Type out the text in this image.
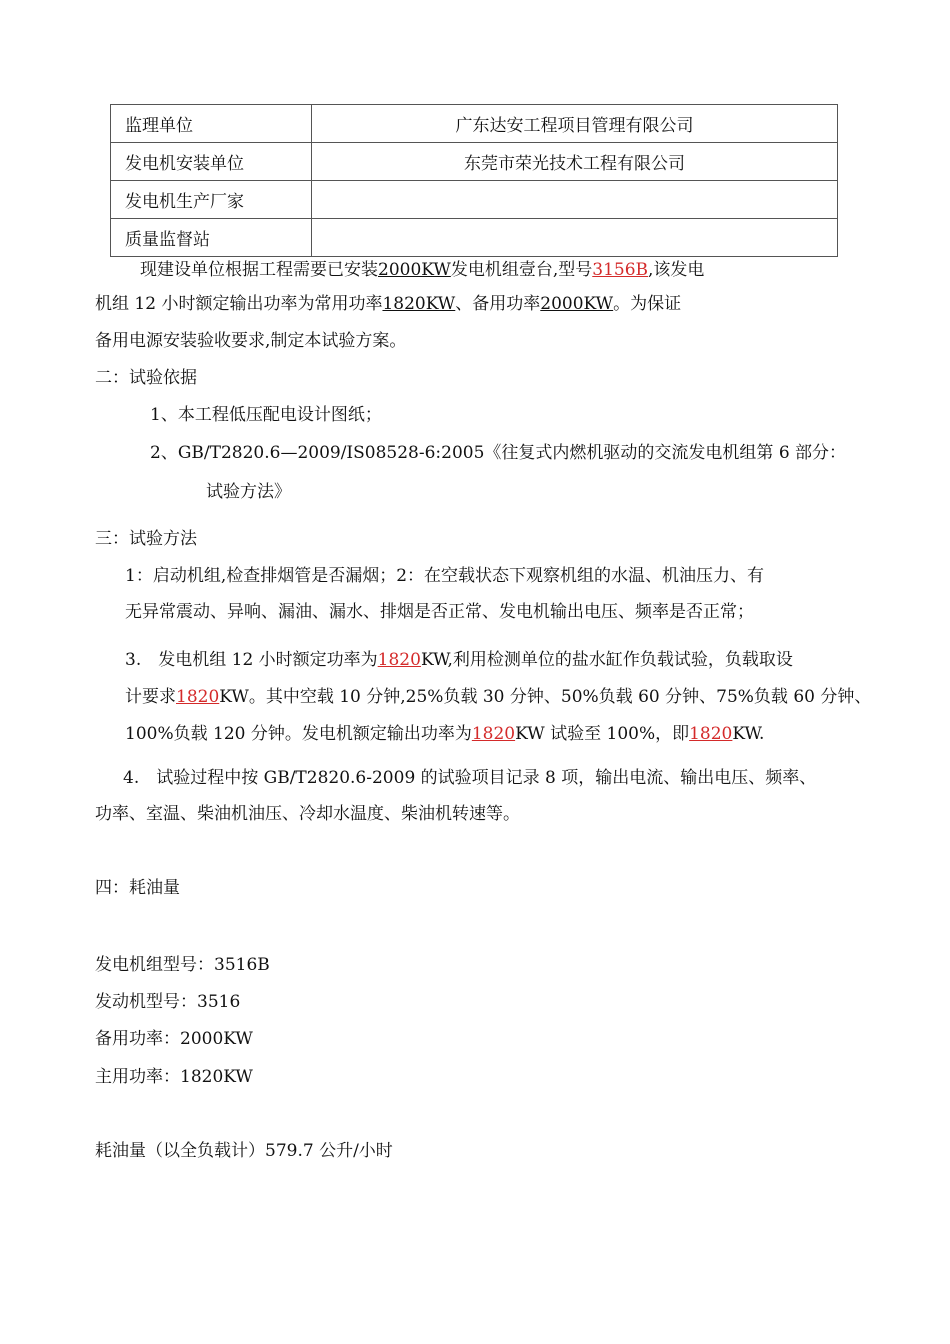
监理单位	广东达安工程项目管理有限公司
发电机安装单位	东莞市荣光技术工程有限公司
发电机生产厂家	
质量监督站	
现建设单位根据工程需要已安装2000KW发电机组壹台,型号3156B,该发电
机组 12 小时额定输出功率为常用功率1820KW、备用功率2000KW。为保证
备用电源安装验收要求,制定本试验方案。
二：试验依据
1、本工程低压配电设计图纸；
2、GB/T2820.6—2009/IS08528-6:2005《往复式内燃机驱动的交流发电机组第 6 部分：
试验方法》
三：试验方法
1：启动机组,检查排烟管是否漏烟；2：在空载状态下观察机组的水温、机油压力、有
无异常震动、异响、漏油、漏水、排烟是否正常、发电机输出电压、频率是否正常；
3.　发电机组 12 小时额定功率为1820KW,利用检测单位的盐水缸作负载试验，负载取设
计要求1820KW。其中空载 10 分钟,25%负载 30 分钟、50%负载 60 分钟、75%负载 60 分钟、
100%负载 120 分钟。发电机额定输出功率为1820KW 试验至 100%，即1820KW.
4.　试验过程中按 GB/T2820.6-2009 的试验项目记录 8 项，输出电流、输出电压、频率、
功率、室温、柴油机油压、冷却水温度、柴油机转速等。
四：耗油量
发电机组型号：3516B
发动机型号：3516
备用功率：2000KW
主用功率：1820KW
耗油量（以全负载计）579.7 公升/小时
